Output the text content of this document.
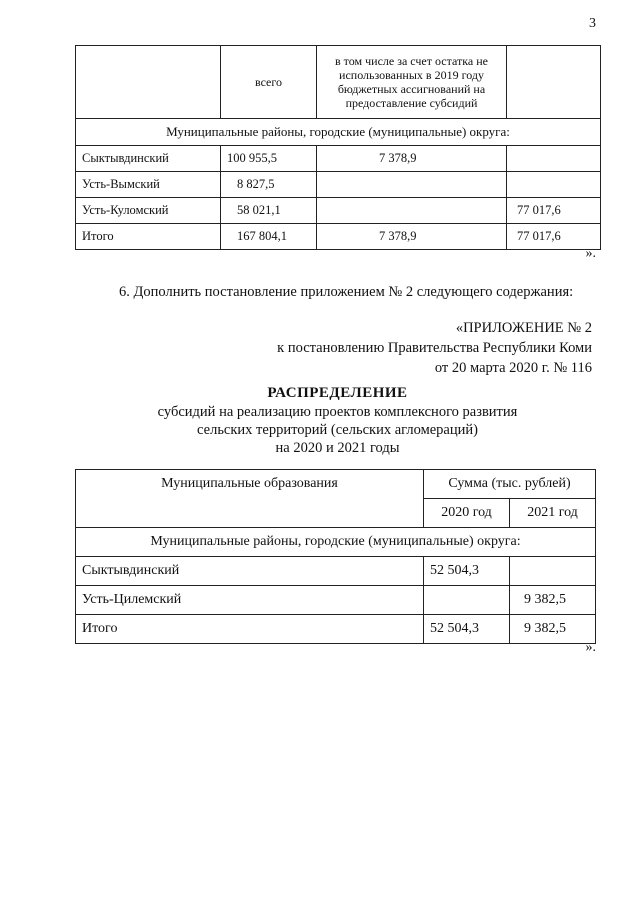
3
	всего	в том числе за счет остатка не использованных в 2019 году бюджетных ассигнований на предоставление субсидий	
Муниципальные районы, городские (муниципальные) округа:			
Сыктывдинский	100 955,5	7 378,9	
Усть-Вымский	8 827,5		
Усть-Куломский	58 021,1		77 017,6
Итого	167 804,1	7 378,9	77 017,6
».
6. Дополнить постановление приложением № 2 следующего содержания:
«ПРИЛОЖЕНИЕ № 2
к постановлению Правительства Республики Коми
от 20 марта 2020 г. № 116
РАСПРЕДЕЛЕНИЕ
субсидий на реализацию проектов комплексного развития
сельских территорий (сельских агломераций)
на 2020 и 2021 годы
Муниципальные образования	Сумма (тыс. рублей)	
	2020 год	2021 год
Муниципальные районы, городские (муниципальные) округа:		
Сыктывдинский	52 504,3	
Усть-Цилемский		9 382,5
Итого	52 504,3	9 382,5
».
